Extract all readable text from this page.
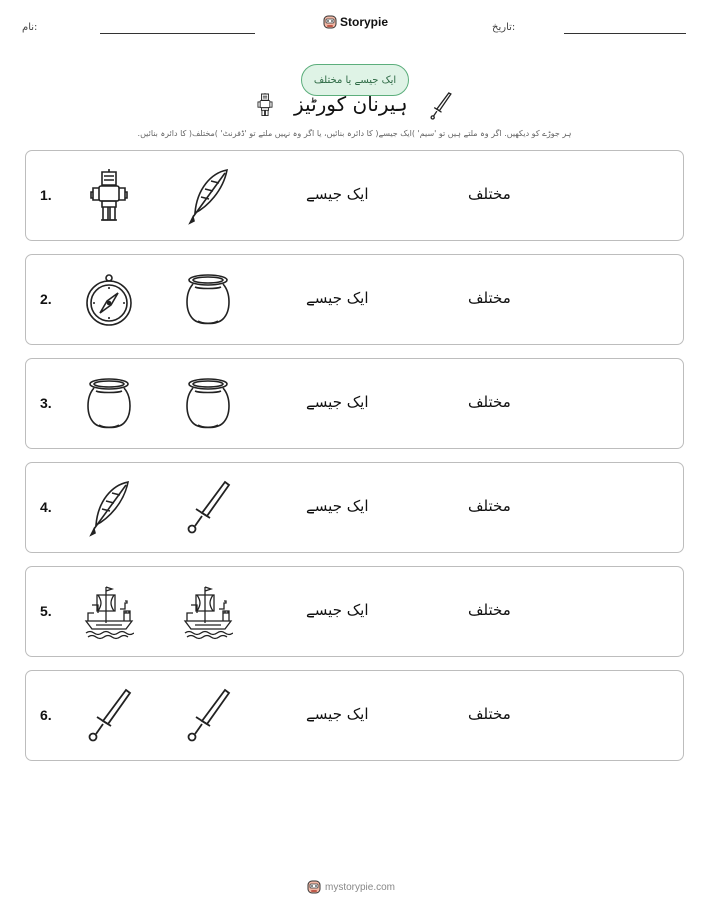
نام:	Storypie	تاریخ:
ایک جیسے یا مختلف
ہیرنان کورٹیز
ہر جوڑے کو دیکھیں. اگر وہ ملتے ہیں تو 'سیم' )ایک جیسے( کا دائرہ بنائیں، یا اگر وہ نہیں ملتے تو 'ڈفرنٹ' )مختلف( کا دائرہ بنائیں.
1.	ایک جیسے	مختلف
2.	ایک جیسے	مختلف
3.	ایک جیسے	مختلف
4.	ایک جیسے	مختلف
5.	ایک جیسے	مختلف
6.	ایک جیسے	مختلف
mystorypie.com
